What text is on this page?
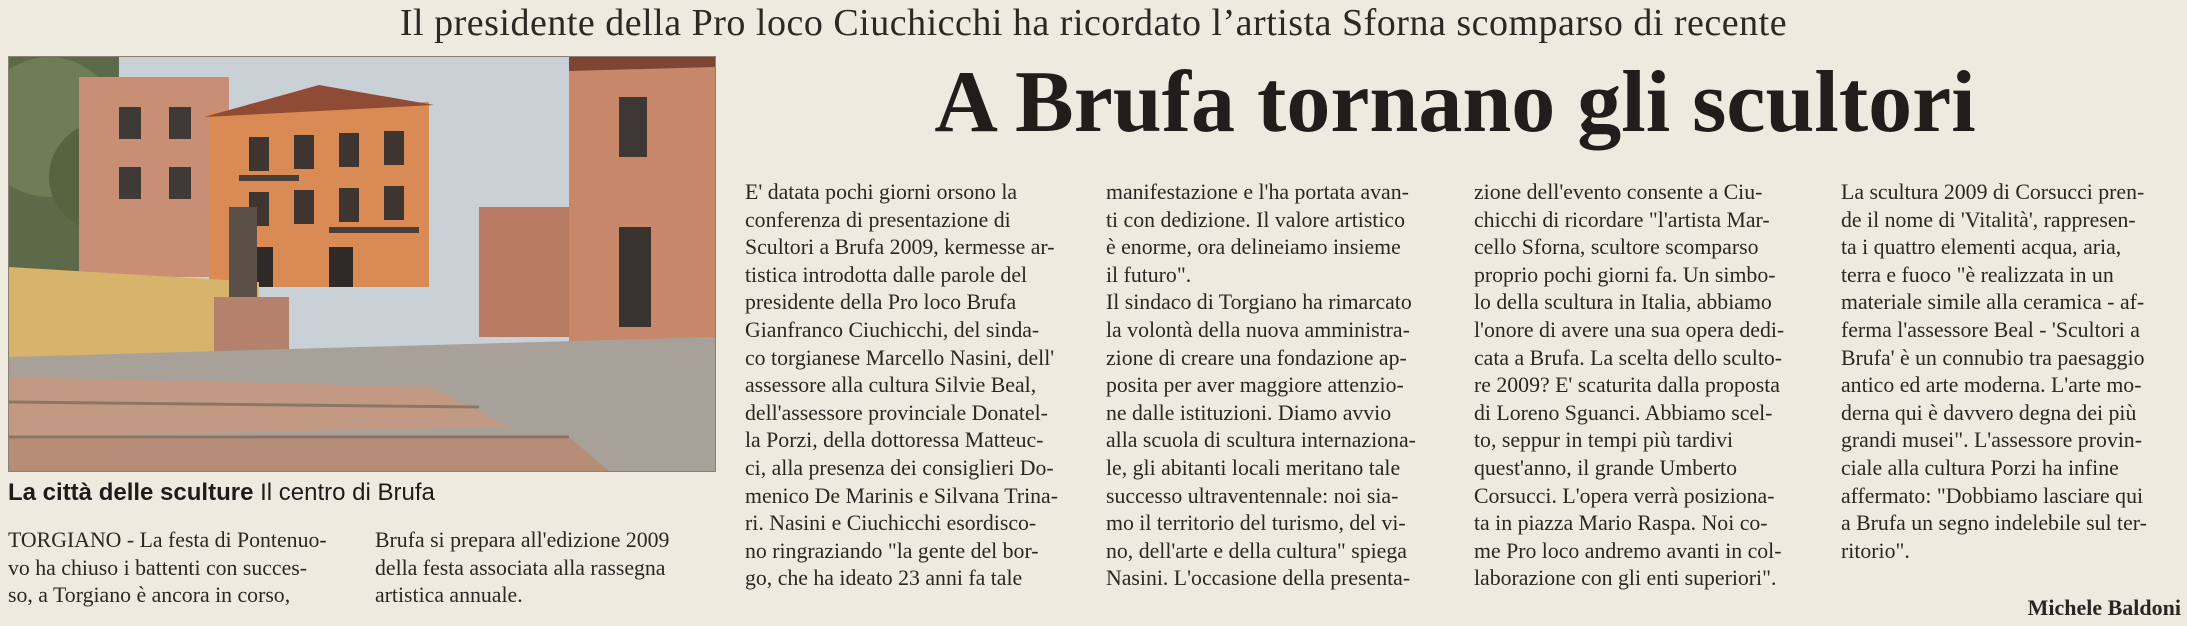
Il presidente della Pro loco Ciuchicchi ha ricordato l’artista Sforna scomparso di recente
A Brufa tornano gli scultori
La città delle sculture Il centro di Brufa
TORGIANO - La festa di Pontenuo-
vo ha chiuso i battenti con succes-
so, a Torgiano è ancora in corso,
Brufa si prepara all'edizione 2009
della festa associata alla rassegna
artistica annuale.
E' datata pochi giorni orsono la
conferenza di presentazione di
Scultori a Brufa 2009, kermesse ar-
tistica introdotta dalle parole del
presidente della Pro loco Brufa
Gianfranco Ciuchicchi, del sinda-
co torgianese Marcello Nasini, dell'
assessore alla cultura Silvie Beal,
dell'assessore provinciale Donatel-
la Porzi, della dottoressa Matteuc-
ci, alla presenza dei consiglieri Do-
menico De Marinis e Silvana Trina-
ri. Nasini e Ciuchicchi esordisco-
no ringraziando "la gente del bor-
go, che ha ideato 23 anni fa tale
manifestazione e l'ha portata avan-
ti con dedizione. Il valore artistico
è enorme, ora delineiamo insieme
il futuro".
Il sindaco di Torgiano ha rimarcato
la volontà della nuova amministra-
zione di creare una fondazione ap-
posita per aver maggiore attenzio-
ne dalle istituzioni. Diamo avvio
alla scuola di scultura internaziona-
le, gli abitanti locali meritano tale
successo ultraventennale: noi sia-
mo il territorio del turismo, del vi-
no, dell'arte e della cultura" spiega
Nasini. L'occasione della presenta-
zione dell'evento consente a Ciu-
chicchi di ricordare "l'artista Mar-
cello Sforna, scultore scomparso
proprio pochi giorni fa. Un simbo-
lo della scultura in Italia, abbiamo
l'onore di avere una sua opera dedi-
cata a Brufa. La scelta dello sculto-
re 2009? E' scaturita dalla proposta
di Loreno Sguanci. Abbiamo scel-
to, seppur in tempi più tardivi
quest'anno, il grande Umberto
Corsucci. L'opera verrà posiziona-
ta in piazza Mario Raspa. Noi co-
me Pro loco andremo avanti in col-
laborazione con gli enti superiori".
La scultura 2009 di Corsucci pren-
de il nome di 'Vitalità', rappresen-
ta i quattro elementi acqua, aria,
terra e fuoco "è realizzata in un
materiale simile alla ceramica - af-
ferma l'assessore Beal - 'Scultori a
Brufa' è un connubio tra paesaggio
antico ed arte moderna. L'arte mo-
derna qui è davvero degna dei più
grandi musei". L'assessore provin-
ciale alla cultura Porzi ha infine
affermato: "Dobbiamo lasciare qui
a Brufa un segno indelebile sul ter-
ritorio".
Michele Baldoni
